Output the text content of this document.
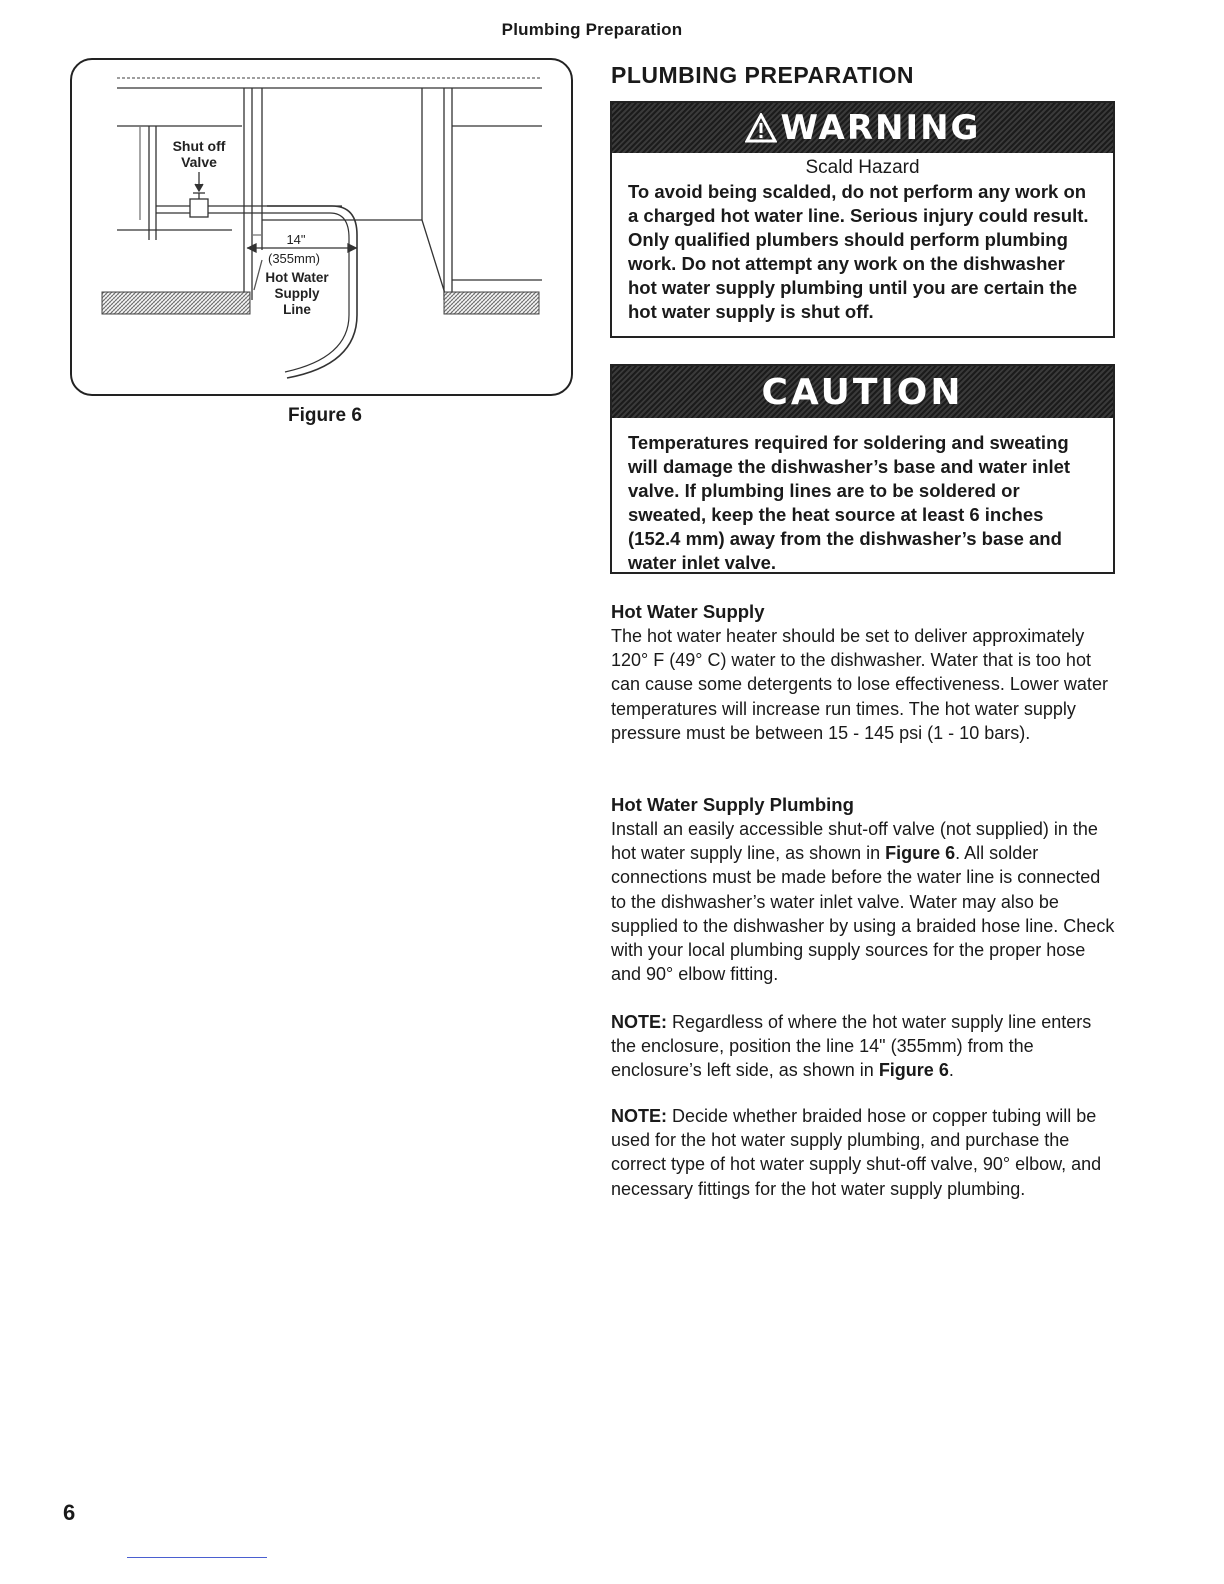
Plumbing Preparation
Shut off
Valve
14"
(355mm)
Hot Water
Supply
Line
Figure 6
PLUMBING PREPARATION
WARNING
Scald Hazard

To avoid being scalded, do not perform any work on a charged hot water line. Serious injury could result. Only qualified plumbers should perform plumbing work. Do not attempt any work on the dishwasher hot water supply plumbing until you are certain the hot water supply is shut off.

CAUTION

Temperatures required for soldering and sweating will damage the dishwasher’s base and water inlet valve. If plumbing lines are to be soldered or sweated, keep the heat source at least 6 inches (152.4 mm) away from the dishwasher’s base and water inlet valve.

Hot Water Supply

The hot water heater should be set to deliver approximately 120° F (49° C) water to the dishwasher. Water that is too hot can cause some detergents to lose effectiveness. Lower water temperatures will increase run times. The hot water supply pressure must be between 15 - 145 psi (1 - 10 bars).

Hot Water Supply Plumbing

Install an easily accessible shut-off valve (not supplied) in the hot water supply line, as shown in Figure 6. All solder connections must be made before the water line is connected to the dishwasher’s water inlet valve. Water may also be supplied to the dishwasher by using a braided hose line. Check with your local plumbing supply sources for the proper hose and 90° elbow fitting.

NOTE: Regardless of where the hot water supply line enters the enclosure, position the line 14" (355mm) from the enclosure’s left side, as shown in Figure 6.

NOTE: Decide whether braided hose or copper tubing will be used for the hot water supply plumbing, and purchase the correct type of hot water supply shut-off valve, 90° elbow, and necessary fittings for the hot water supply plumbing.

6
